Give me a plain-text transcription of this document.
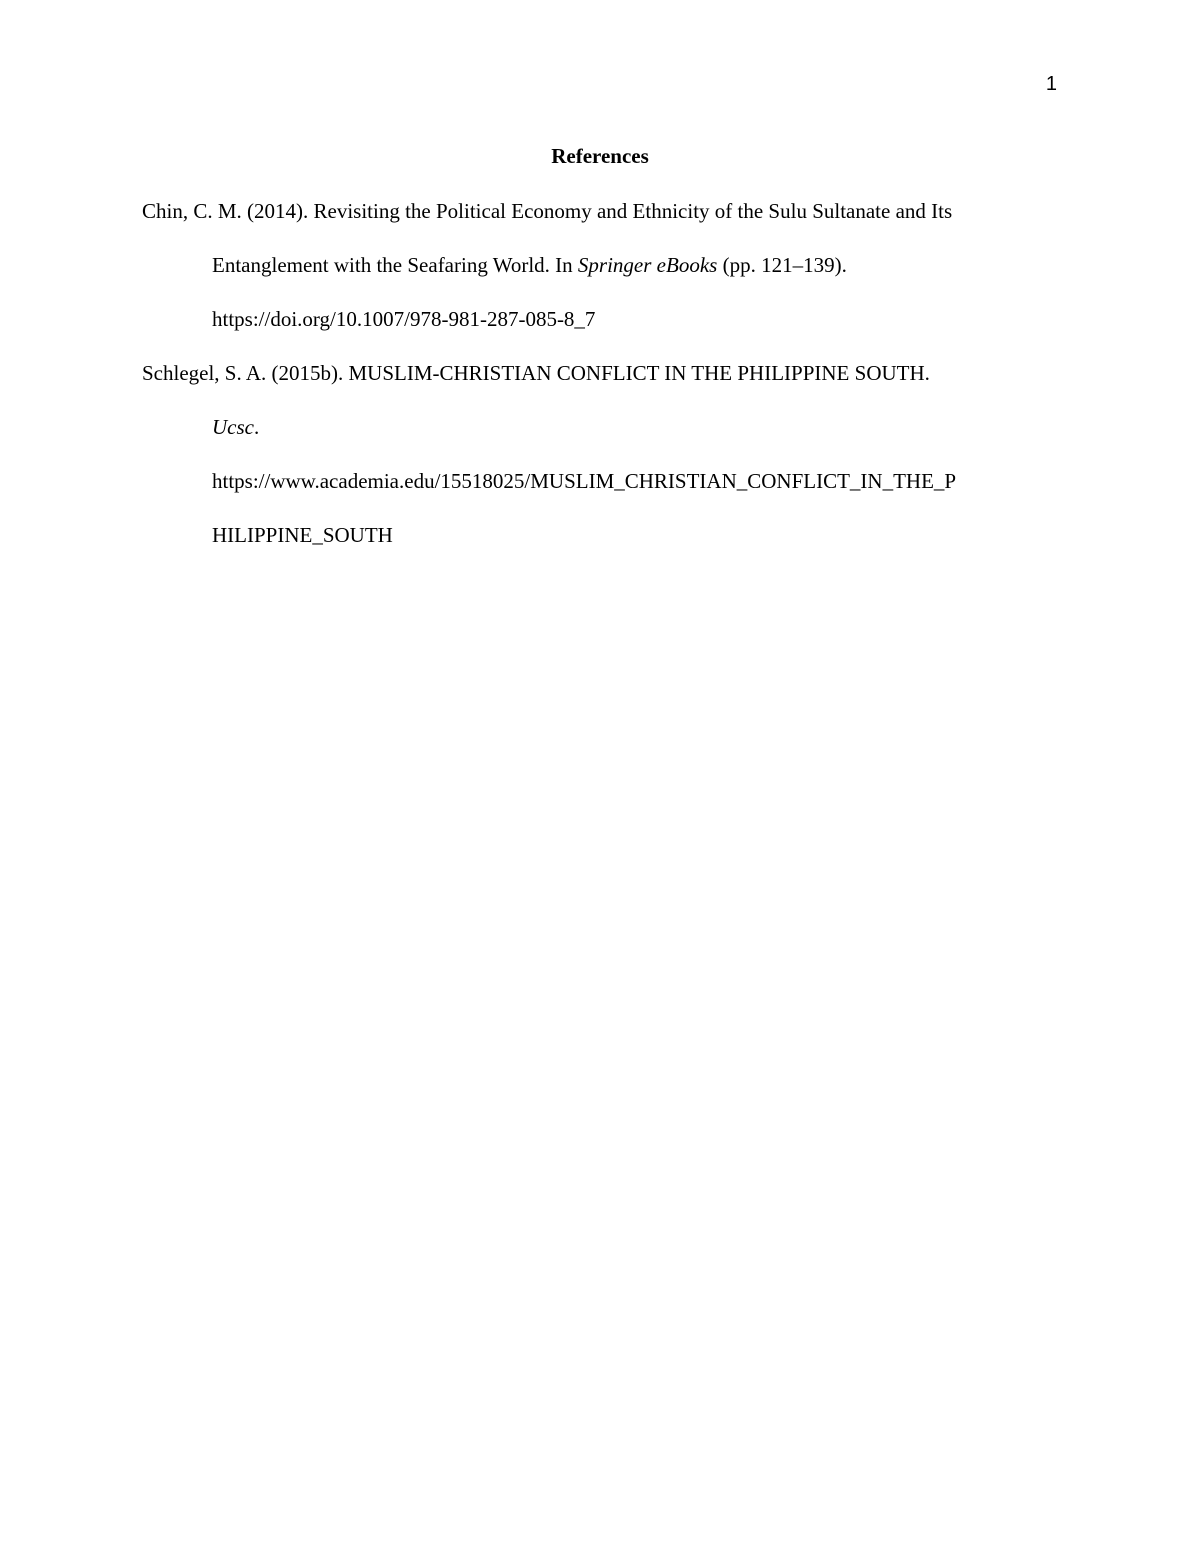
1
References
Chin, C. M. (2014). Revisiting the Political Economy and Ethnicity of the Sulu Sultanate and Its
Entanglement with the Seafaring World. In Springer eBooks (pp. 121–139).
https://doi.org/10.1007/978-981-287-085-8_7
Schlegel, S. A. (2015b). MUSLIM-CHRISTIAN CONFLICT IN THE PHILIPPINE SOUTH.
Ucsc.
https://www.academia.edu/15518025/MUSLIM_CHRISTIAN_CONFLICT_IN_THE_P
HILIPPINE_SOUTH
